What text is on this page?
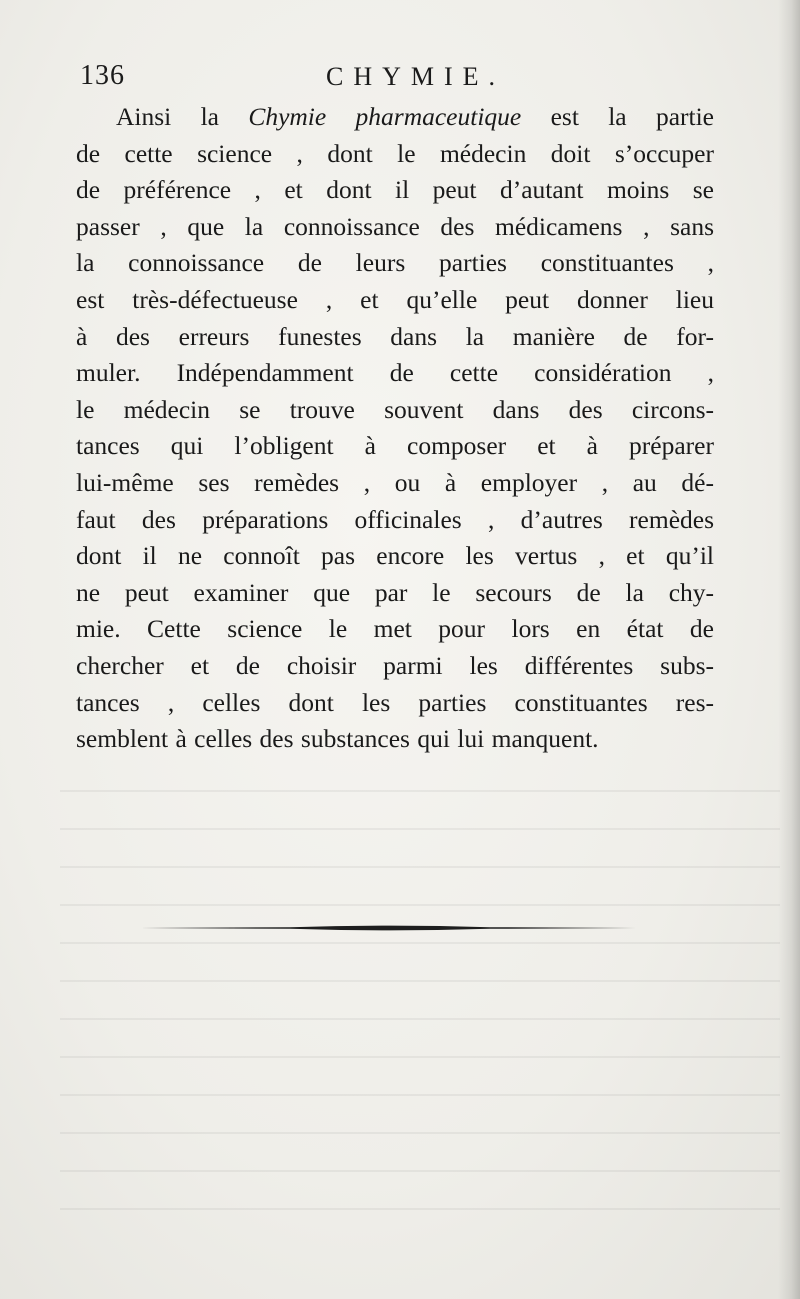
136	CHYMIE.
Ainsi la Chymie pharmaceutique est la partie
de cette science , dont le médecin doit s’occuper
de préférence , et dont il peut d’autant moins se
passer , que la connoissance des médicamens , sans
la connoissance de leurs parties constituantes ,
est très-défectueuse , et qu’elle peut donner lieu
à des erreurs funestes dans la manière de for-
muler. Indépendamment de cette considération ,
le médecin se trouve souvent dans des circons-
tances qui l’obligent à composer et à préparer
lui-même ses remèdes , ou à employer , au dé-
faut des préparations officinales , d’autres remèdes
dont il ne connoît pas encore les vertus , et qu’il
ne peut examiner que par le secours de la chy-
mie. Cette science le met pour lors en état de
chercher et de choisir parmi les différentes subs-
tances , celles dont les parties constituantes res-
semblent à celles des substances qui lui manquent.
